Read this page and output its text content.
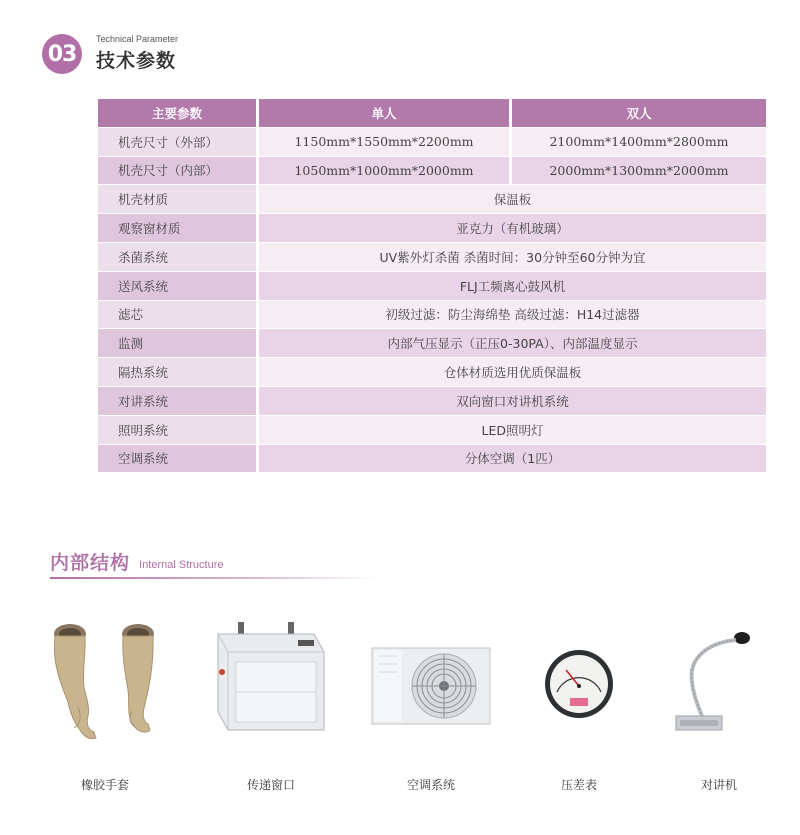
03
Technical Parameter
技术参数
主要参数	单人	双人
机壳尺寸（外部）	1150mm*1550mm*2200mm	2100mm*1400mm*2800mm
机壳尺寸（内部）	1050mm*1000mm*2000mm	2000mm*1300mm*2000mm
机壳材质	保温板
观察窗材质	亚克力（有机玻璃）
杀菌系统	UV紫外灯杀菌 杀菌时间：30分钟至60分钟为宜
送风系统	FLJ工频离心鼓风机
滤芯	初级过滤：防尘海绵垫 高级过滤：H14过滤器
监测	内部气压显示（正压0-30PA）、内部温度显示
隔热系统	仓体材质选用优质保温板
对讲系统	双向窗口对讲机系统
照明系统	LED照明灯
空调系统	分体空调（1匹）
内部结构 Internal Structure
橡胶手套	传递窗口	空调系统	压差表	对讲机
